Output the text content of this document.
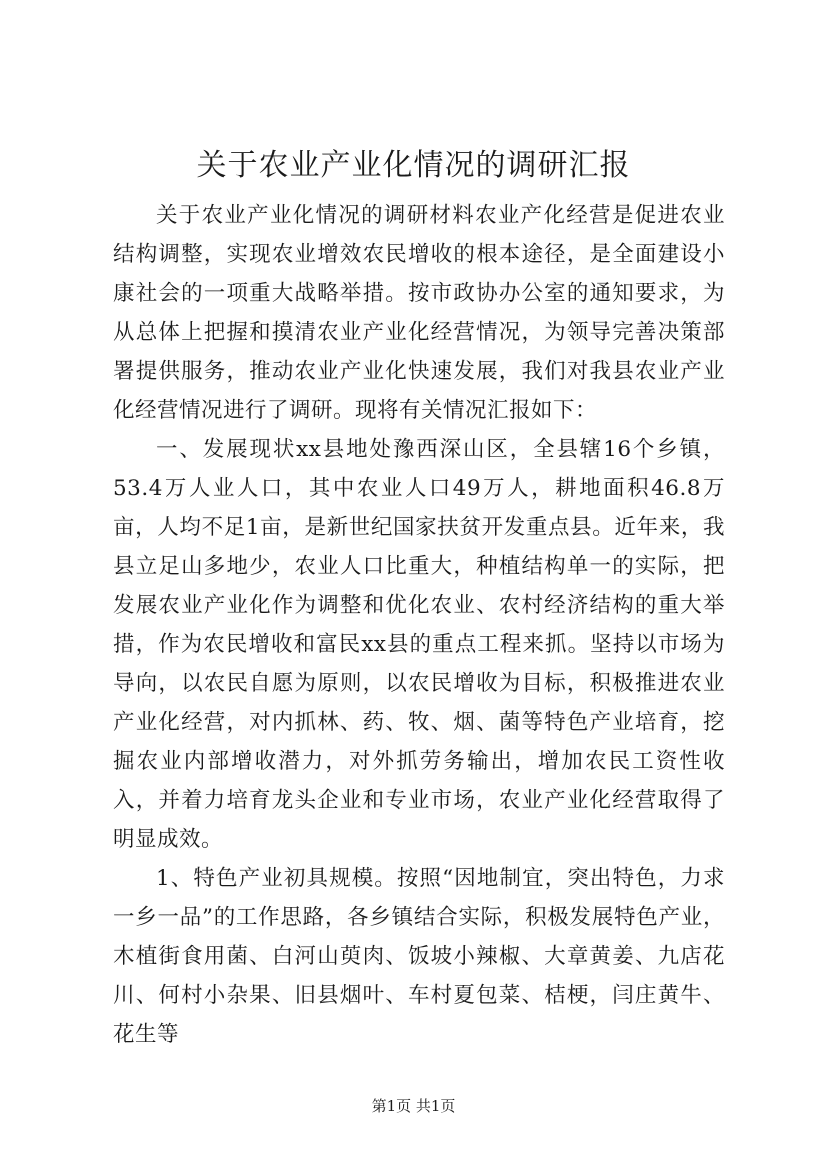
关于农业产业化情况的调研汇报

关于农业产业化情况的调研材料农业产化经营是促进农业结构调整，实现农业增效农民增收的根本途径，是全面建设小康社会的一项重大战略举措。按市政协办公室的通知要求，为从总体上把握和摸清农业产业化经营情况，为领导完善决策部署提供服务，推动农业产业化快速发展，我们对我县农业产业化经营情况进行了调研。现将有关情况汇报如下：

一、发展现状xx县地处豫西深山区，全县辖16个乡镇，53.4万人业人口，其中农业人口49万人，耕地面积46.8万亩，人均不足1亩，是新世纪国家扶贫开发重点县。近年来，我县立足山多地少，农业人口比重大，种植结构单一的实际，把发展农业产业化作为调整和优化农业、农村经济结构的重大举措，作为农民增收和富民xx县的重点工程来抓。坚持以市场为导向，以农民自愿为原则，以农民增收为目标，积极推进农业产业化经营，对内抓林、药、牧、烟、菌等特色产业培育，挖掘农业内部增收潜力，对外抓劳务输出，增加农民工资性收入，并着力培育龙头企业和专业市场，农业产业化经营取得了明显成效。

1、特色产业初具规模。按照“因地制宜，突出特色，力求一乡一品”的工作思路，各乡镇结合实际，积极发展特色产业，木植街食用菌、白河山萸肉、饭坡小辣椒、大章黄姜、九店花川、何村小杂果、旧县烟叶、车村夏包菜、桔梗，闫庄黄牛、花生等

第1页 共1页
